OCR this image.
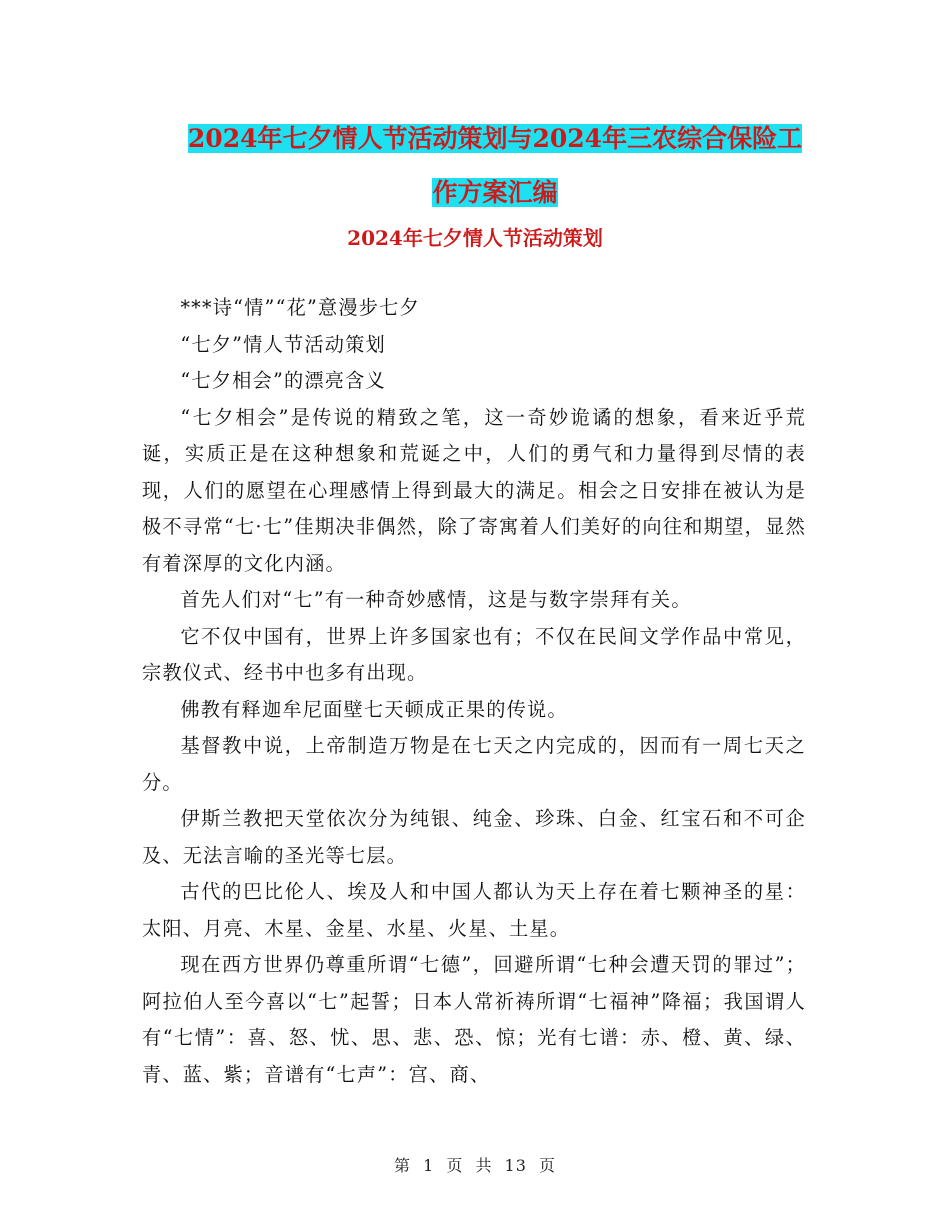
2024年七夕情人节活动策划与2024年三农综合保险工
作方案汇编
2024年七夕情人节活动策划

***诗“情”“花”意漫步七夕

“七夕”情人节活动策划

“七夕相会”的漂亮含义

“七夕相会”是传说的精致之笔，这一奇妙诡谲的想象，看来近乎荒诞，实质正是在这种想象和荒诞之中，人们的勇气和力量得到尽情的表现，人们的愿望在心理感情上得到最大的满足。相会之日安排在被认为是极不寻常“七·七”佳期决非偶然，除了寄寓着人们美好的向往和期望，显然有着深厚的文化内涵。

首先人们对“七”有一种奇妙感情，这是与数字崇拜有关。

它不仅中国有，世界上许多国家也有；不仅在民间文学作品中常见，宗教仪式、经书中也多有出现。

佛教有释迦牟尼面壁七天顿成正果的传说。

基督教中说，上帝制造万物是在七天之内完成的，因而有一周七天之分。

伊斯兰教把天堂依次分为纯银、纯金、珍珠、白金、红宝石和不可企及、无法言喻的圣光等七层。

古代的巴比伦人、埃及人和中国人都认为天上存在着七颗神圣的星：太阳、月亮、木星、金星、水星、火星、土星。

现在西方世界仍尊重所谓“七德”，回避所谓“七种会遭天罚的罪过”；阿拉伯人至今喜以“七”起誓；日本人常祈祷所谓“七福神”降福；我国谓人有“七情”：喜、怒、忧、思、悲、恐、惊；光有七谱：赤、橙、黄、绿、青、蓝、紫；音谱有“七声”：宫、商、

第 1 页 共 13 页
